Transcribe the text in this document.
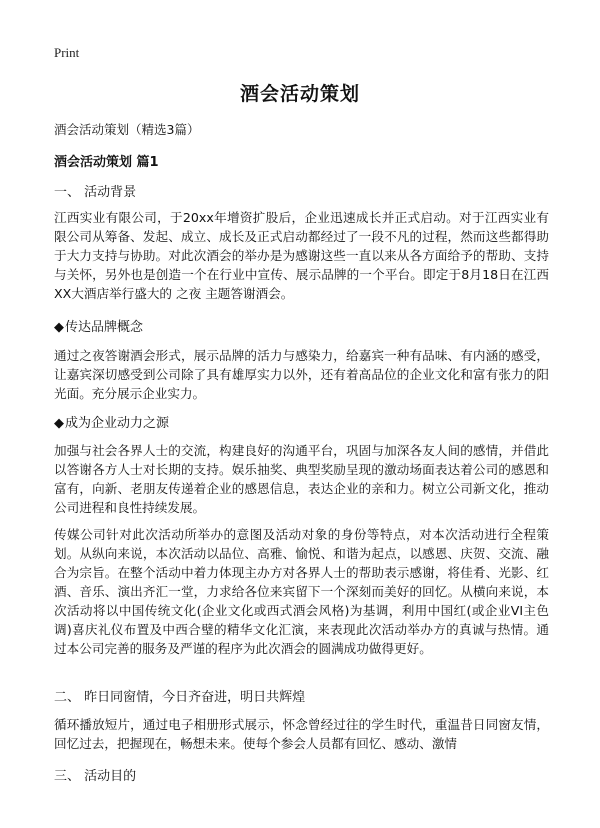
Print
酒会活动策划
酒会活动策划（精选3篇）
酒会活动策划 篇1
一、 活动背景
江西实业有限公司，于20xx年增资扩股后，企业迅速成长并正式启动。对于江西实业有限公司从筹备、发起、成立、成长及正式启动都经过了一段不凡的过程，然而这些都得助于大力支持与协助。对此次酒会的举办是为感谢这些一直以来从各方面给予的帮助、支持与关怀，另外也是创造一个在行业中宣传、展示品牌的一个平台。即定于8月18日在江西XX大酒店举行盛大的 之夜 主题答谢酒会。
◆传达品牌概念
通过之夜答谢酒会形式，展示品牌的活力与感染力，给嘉宾一种有品味、有内涵的感受，让嘉宾深切感受到公司除了具有雄厚实力以外，还有着高品位的企业文化和富有张力的阳光面。充分展示企业实力。
◆成为企业动力之源
加强与社会各界人士的交流，构建良好的沟通平台，巩固与加深各友人间的感情，并借此以答谢各方人士对长期的支持。娱乐抽奖、典型奖励呈现的激动场面表达着公司的感恩和富有，向新、老朋友传递着企业的感恩信息，表达企业的亲和力。树立公司新文化，推动公司进程和良性持续发展。
传媒公司针对此次活动所举办的意图及活动对象的身份等特点，对本次活动进行全程策划。从纵向来说，本次活动以品位、高雅、愉悦、和谐为起点，以感恩、庆贺、交流、融合为宗旨。在整个活动中着力体现主办方对各界人士的帮助表示感谢，将佳肴、光影、红酒、音乐、演出齐汇一堂，力求给各位来宾留下一个深刻而美好的回忆。从横向来说，本次活动将以中国传统文化(企业文化或西式酒会风格)为基调，利用中国红(或企业VI主色调)喜庆礼仪布置及中西合璧的精华文化汇演，来表现此次活动举办方的真诚与热情。通过本公司完善的服务及严谨的程序为此次酒会的圆满成功做得更好。
二、 昨日同窗情，今日齐奋进，明日共辉煌
循环播放短片，通过电子相册形式展示，怀念曾经过往的学生时代，重温昔日同窗友情，回忆过去，把握现在，畅想未来。使每个参会人员都有回忆、感动、激情
三、 活动目的
